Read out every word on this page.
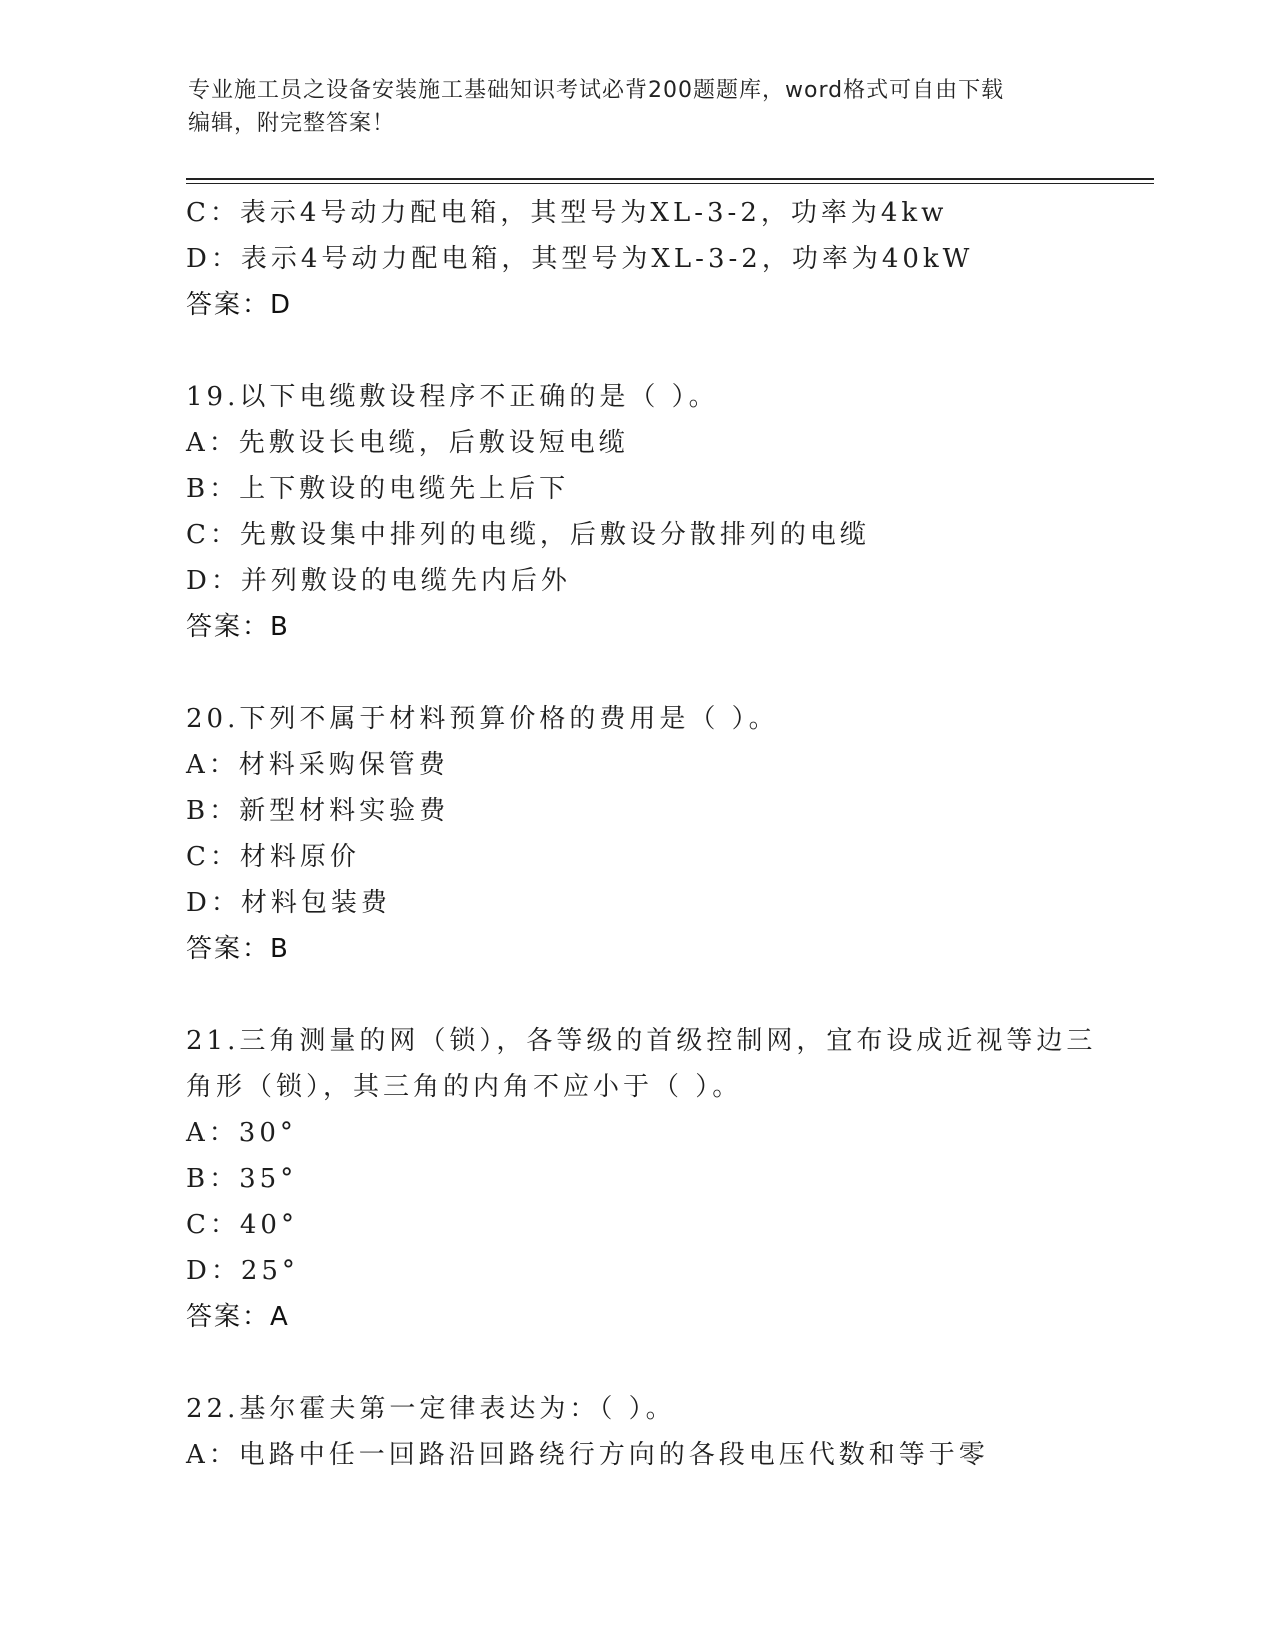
专业施工员之设备安装施工基础知识考试必背200题题库，word格式可自由下载
编辑，附完整答案！
C：表示4号动力配电箱，其型号为XL-3-2，功率为4kw
D：表示4号动力配电箱，其型号为XL-3-2，功率为40kW
答案：D
19.以下电缆敷设程序不正确的是（ ）。
A：先敷设长电缆，后敷设短电缆
B：上下敷设的电缆先上后下
C：先敷设集中排列的电缆，后敷设分散排列的电缆
D：并列敷设的电缆先内后外
答案：B
20.下列不属于材料预算价格的费用是（ ）。
A：材料采购保管费
B：新型材料实验费
C：材料原价
D：材料包装费
答案：B
21.三角测量的网（锁），各等级的首级控制网，宜布设成近视等边三
角形（锁），其三角的内角不应小于（ ）。
A：30°
B：35°
C：40°
D：25°
答案：A
22.基尔霍夫第一定律表达为：（ ）。
A：电路中任一回路沿回路绕行方向的各段电压代数和等于零
